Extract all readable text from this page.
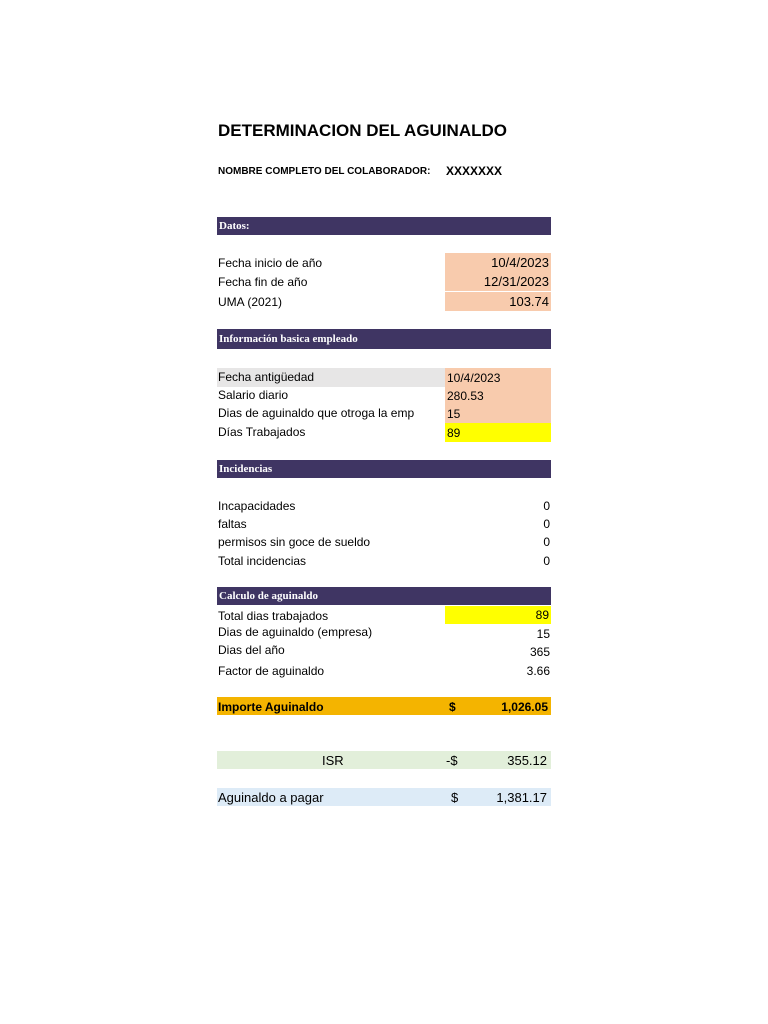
DETERMINACION DEL AGUINALDO
NOMBRE COMPLETO DEL COLABORADOR: XXXXXXX
Datos:
Fecha inicio de año	10/4/2023
Fecha fin de año	12/31/2023
UMA (2021)	103.74
Información basica empleado
Fecha antigüedad	10/4/2023
Salario diario	280.53
Dias de aguinaldo que otroga la emp	15
Días Trabajados	89
Incidencias
Incapacidades	0
faltas	0
permisos sin goce de sueldo	0
Total incidencias	0
Calculo de aguinaldo
Total dias trabajados	89
Dias de aguinaldo (empresa)	15
Dias del año	365
Factor de aguinaldo	3.66
Importe Aguinaldo	$	1,026.05
ISR	-$	355.12
Aguinaldo a pagar	$	1,381.17
